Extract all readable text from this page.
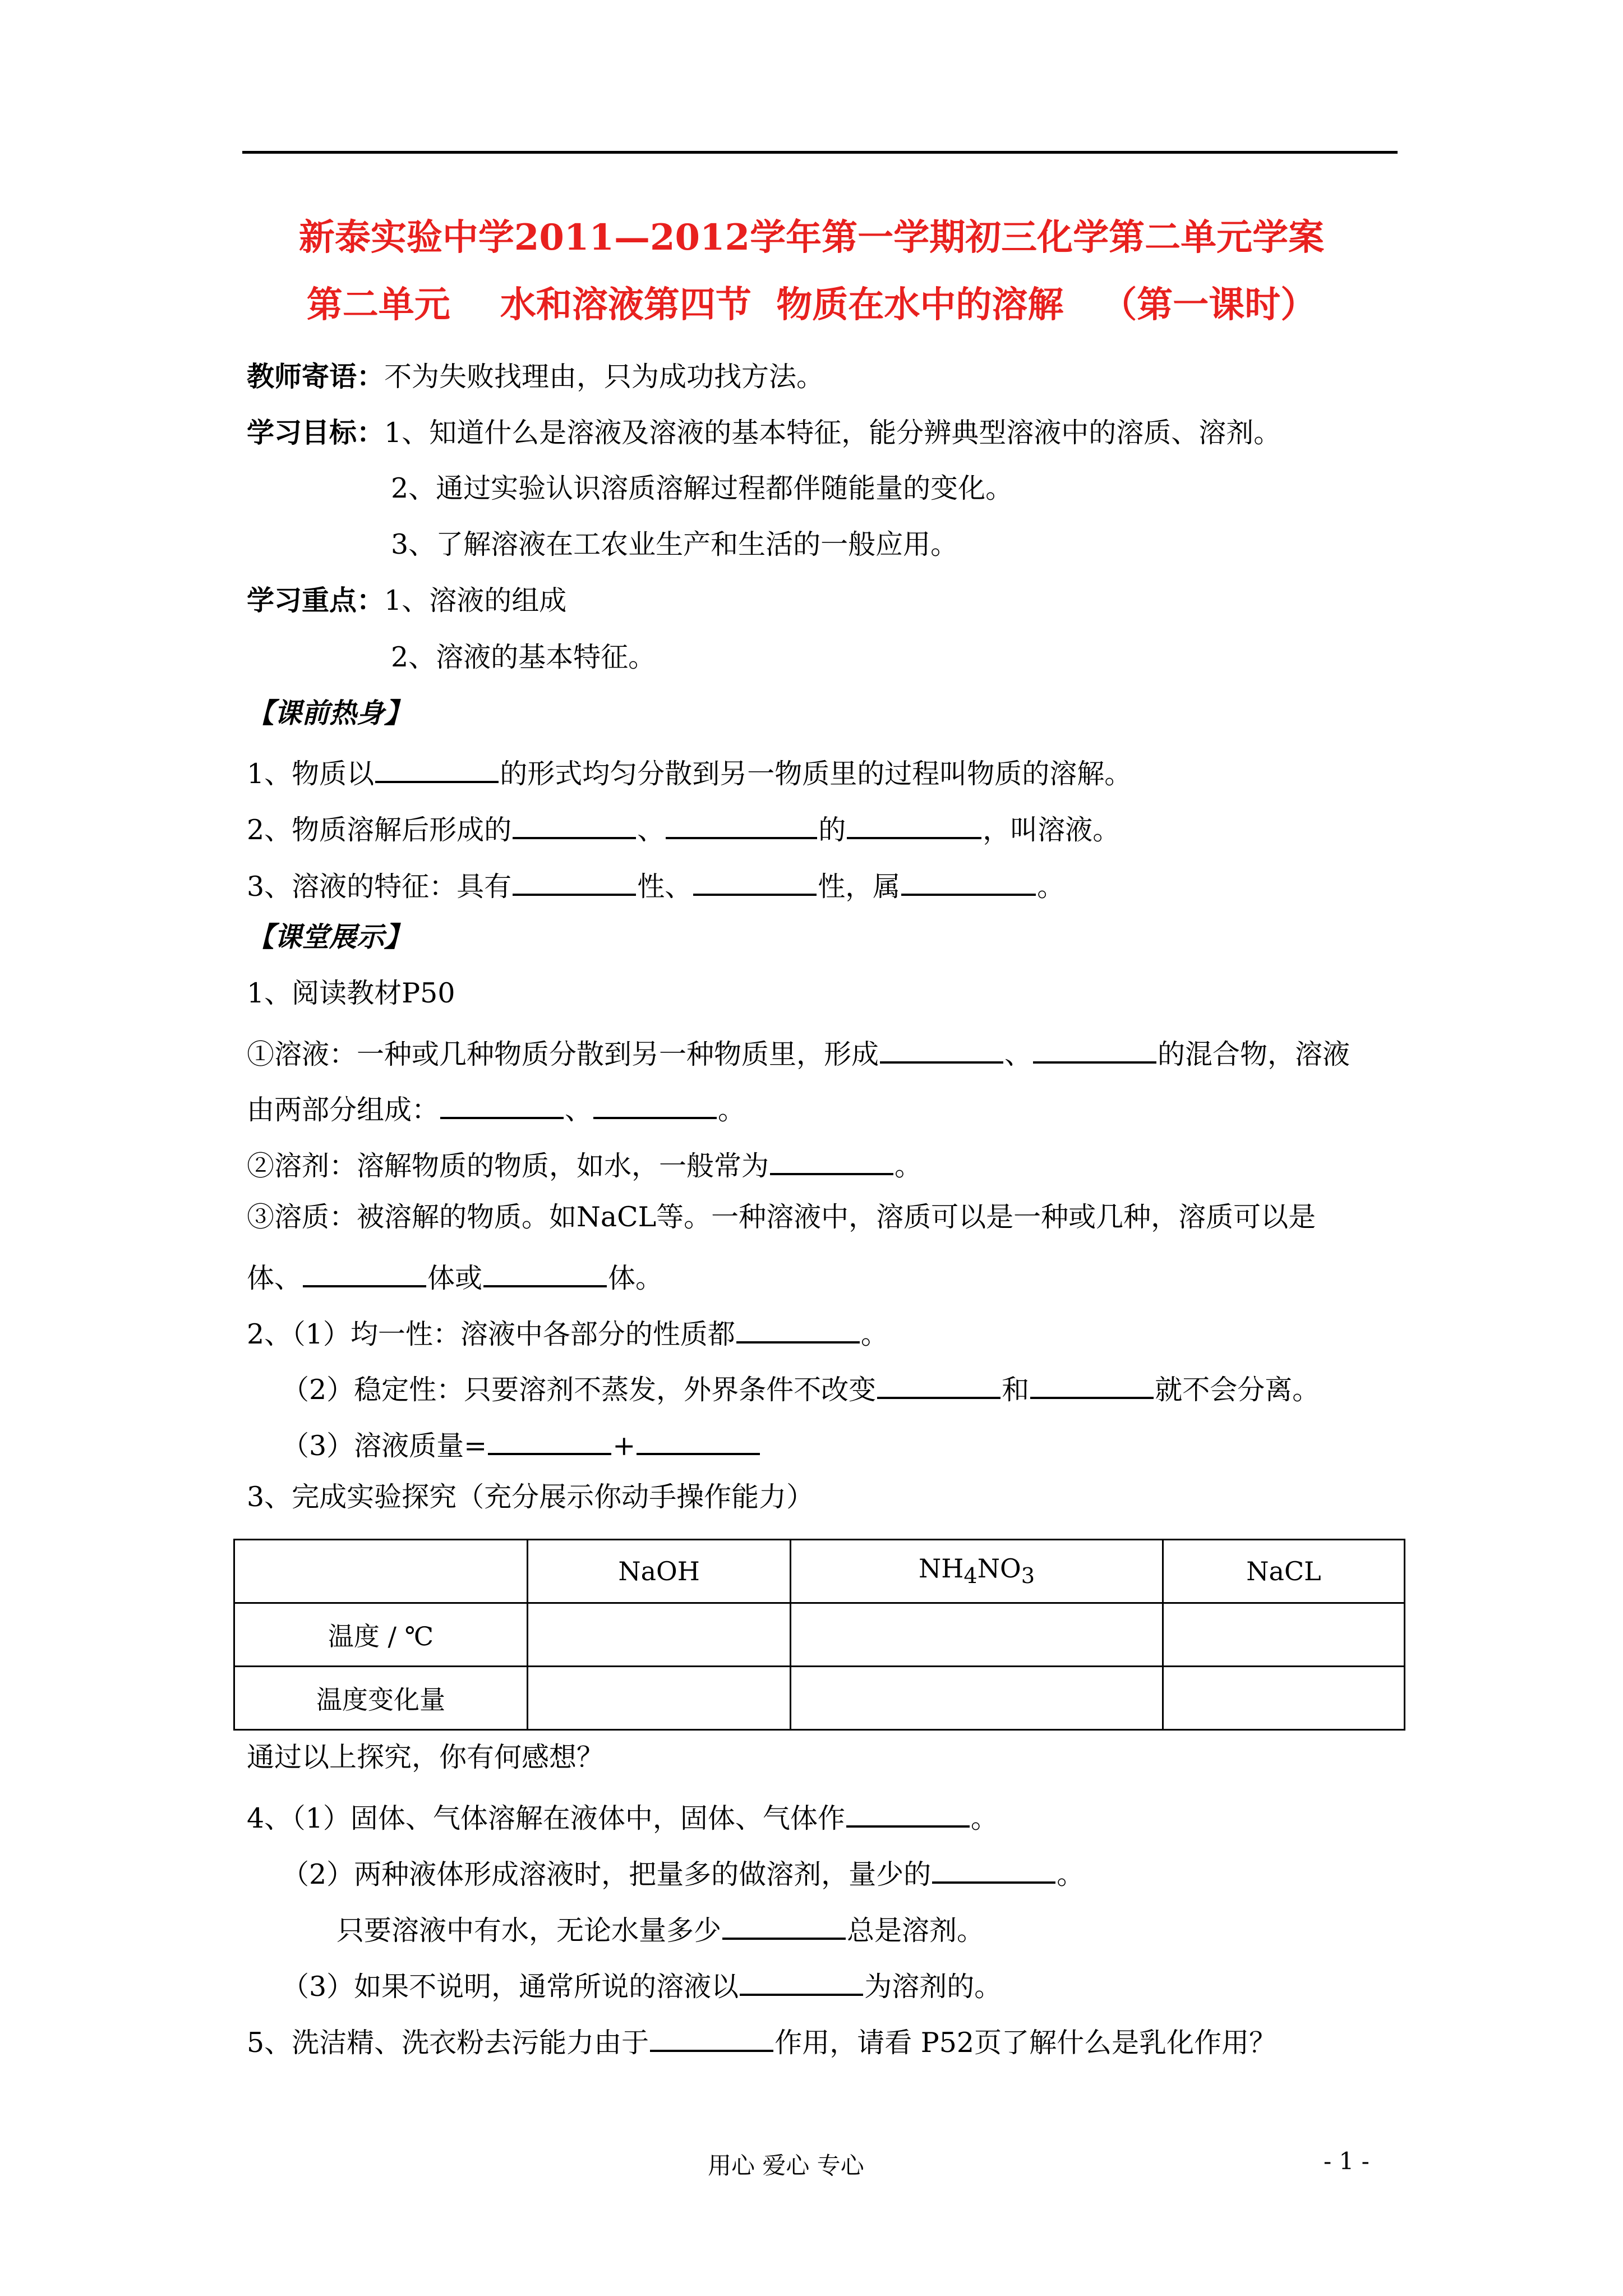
新泰实验中学2011—2012学年第一学期初三化学第二单元学案
第二单元    水和溶液第四节  物质在水中的溶解   （第一课时）
教师寄语：不为失败找理由，只为成功找方法。
学习目标：1、知道什么是溶液及溶液的基本特征，能分辨典型溶液中的溶质、溶剂。
2、通过实验认识溶质溶解过程都伴随能量的变化。
3、了解溶液在工农业生产和生活的一般应用。
学习重点：1、溶液的组成
2、溶液的基本特征。
【课前热身】
1、物质以	的形式均匀分散到另一物质里的过程叫物质的溶解。
2、物质溶解后形成的	、	的	，叫溶液。
3、溶液的特征：具有	性、	性，属	。
【课堂展示】
1、阅读教材P50
①溶液：一种或几种物质分散到另一种物质里，形成	、	的混合物，溶液
由两部分组成：	、	。
②溶剂：溶解物质的物质，如水，一般常为	。
③溶质：被溶解的物质。如NaCL等。一种溶液中，溶质可以是一种或几种，溶质可以是
体、	体或	体。
2、（1）均一性：溶液中各部分的性质都	。
（2）稳定性：只要溶剂不蒸发，外界条件不改变	和	就不会分离。
（3）溶液质量=	+
3、完成实验探究（充分展示你动手操作能力）
	NaOH	$NH_4NO_3$	NaCL
温度 / ℃			
温度变化量			
通过以上探究，你有何感想？
4、（1）固体、气体溶解在液体中，固体、气体作	。
（2）两种液体形成溶液时，把量多的做溶剂，量少的	。
只要溶液中有水，无论水量多少	总是溶剂。
（3）如果不说明，通常所说的溶液以	为溶剂的。
5、洗洁精、洗衣粉去污能力由于	作用，请看 P52页了解什么是乳化作用？
用心 爱心 专心	- 1 -
